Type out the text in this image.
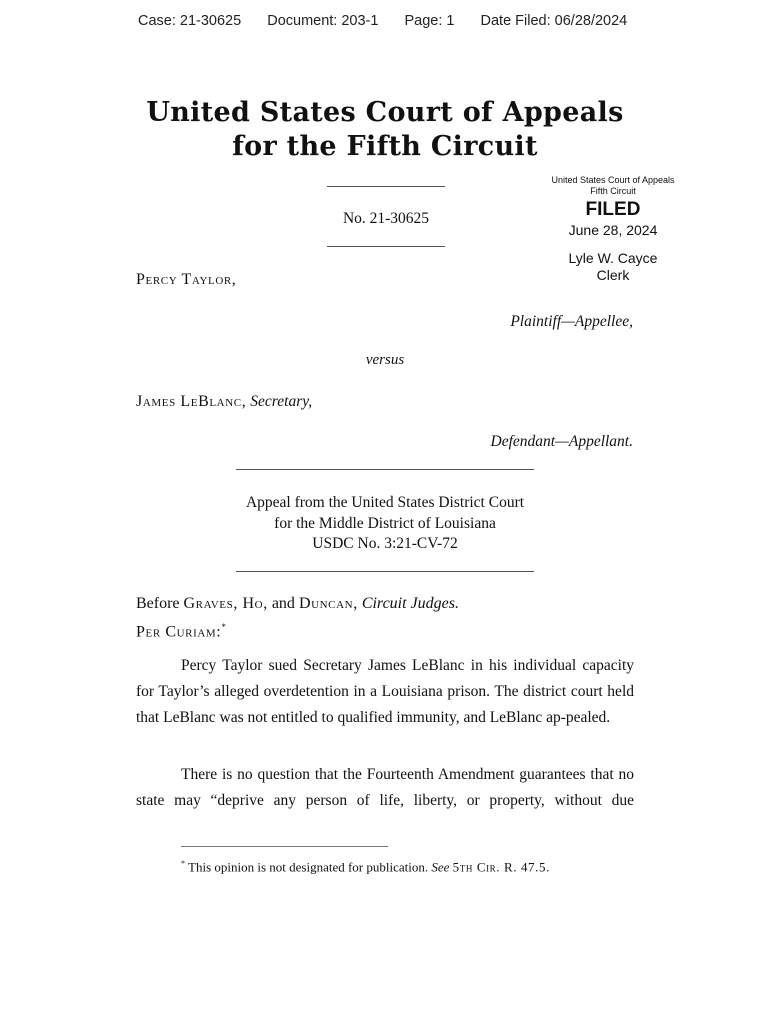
Case: 21-30625 Document: 203-1 Page: 1 Date Filed: 06/28/2024
United States Court of Appeals
for the Fifth Circuit
No. 21-30625
United States Court of Appeals
Fifth Circuit
FILED
June 28, 2024
Lyle W. Cayce
Clerk
Percy Taylor,
Plaintiff—Appellee,
versus
James LeBlanc, Secretary,
Defendant—Appellant.
Appeal from the United States District Court
for the Middle District of Louisiana
USDC No. 3:21-CV-72
Before Graves, Ho, and Duncan, Circuit Judges.
Per Curiam:*
Percy Taylor sued Secretary James LeBlanc in his individual capacity for Taylor’s alleged overdetention in a Louisiana prison. The district court held that LeBlanc was not entitled to qualified immunity, and LeBlanc ap-pealed.
There is no question that the Fourteenth Amendment guarantees that no state may “deprive any person of life, liberty, or property, without due
* This opinion is not designated for publication. See 5th Cir. R. 47.5.
